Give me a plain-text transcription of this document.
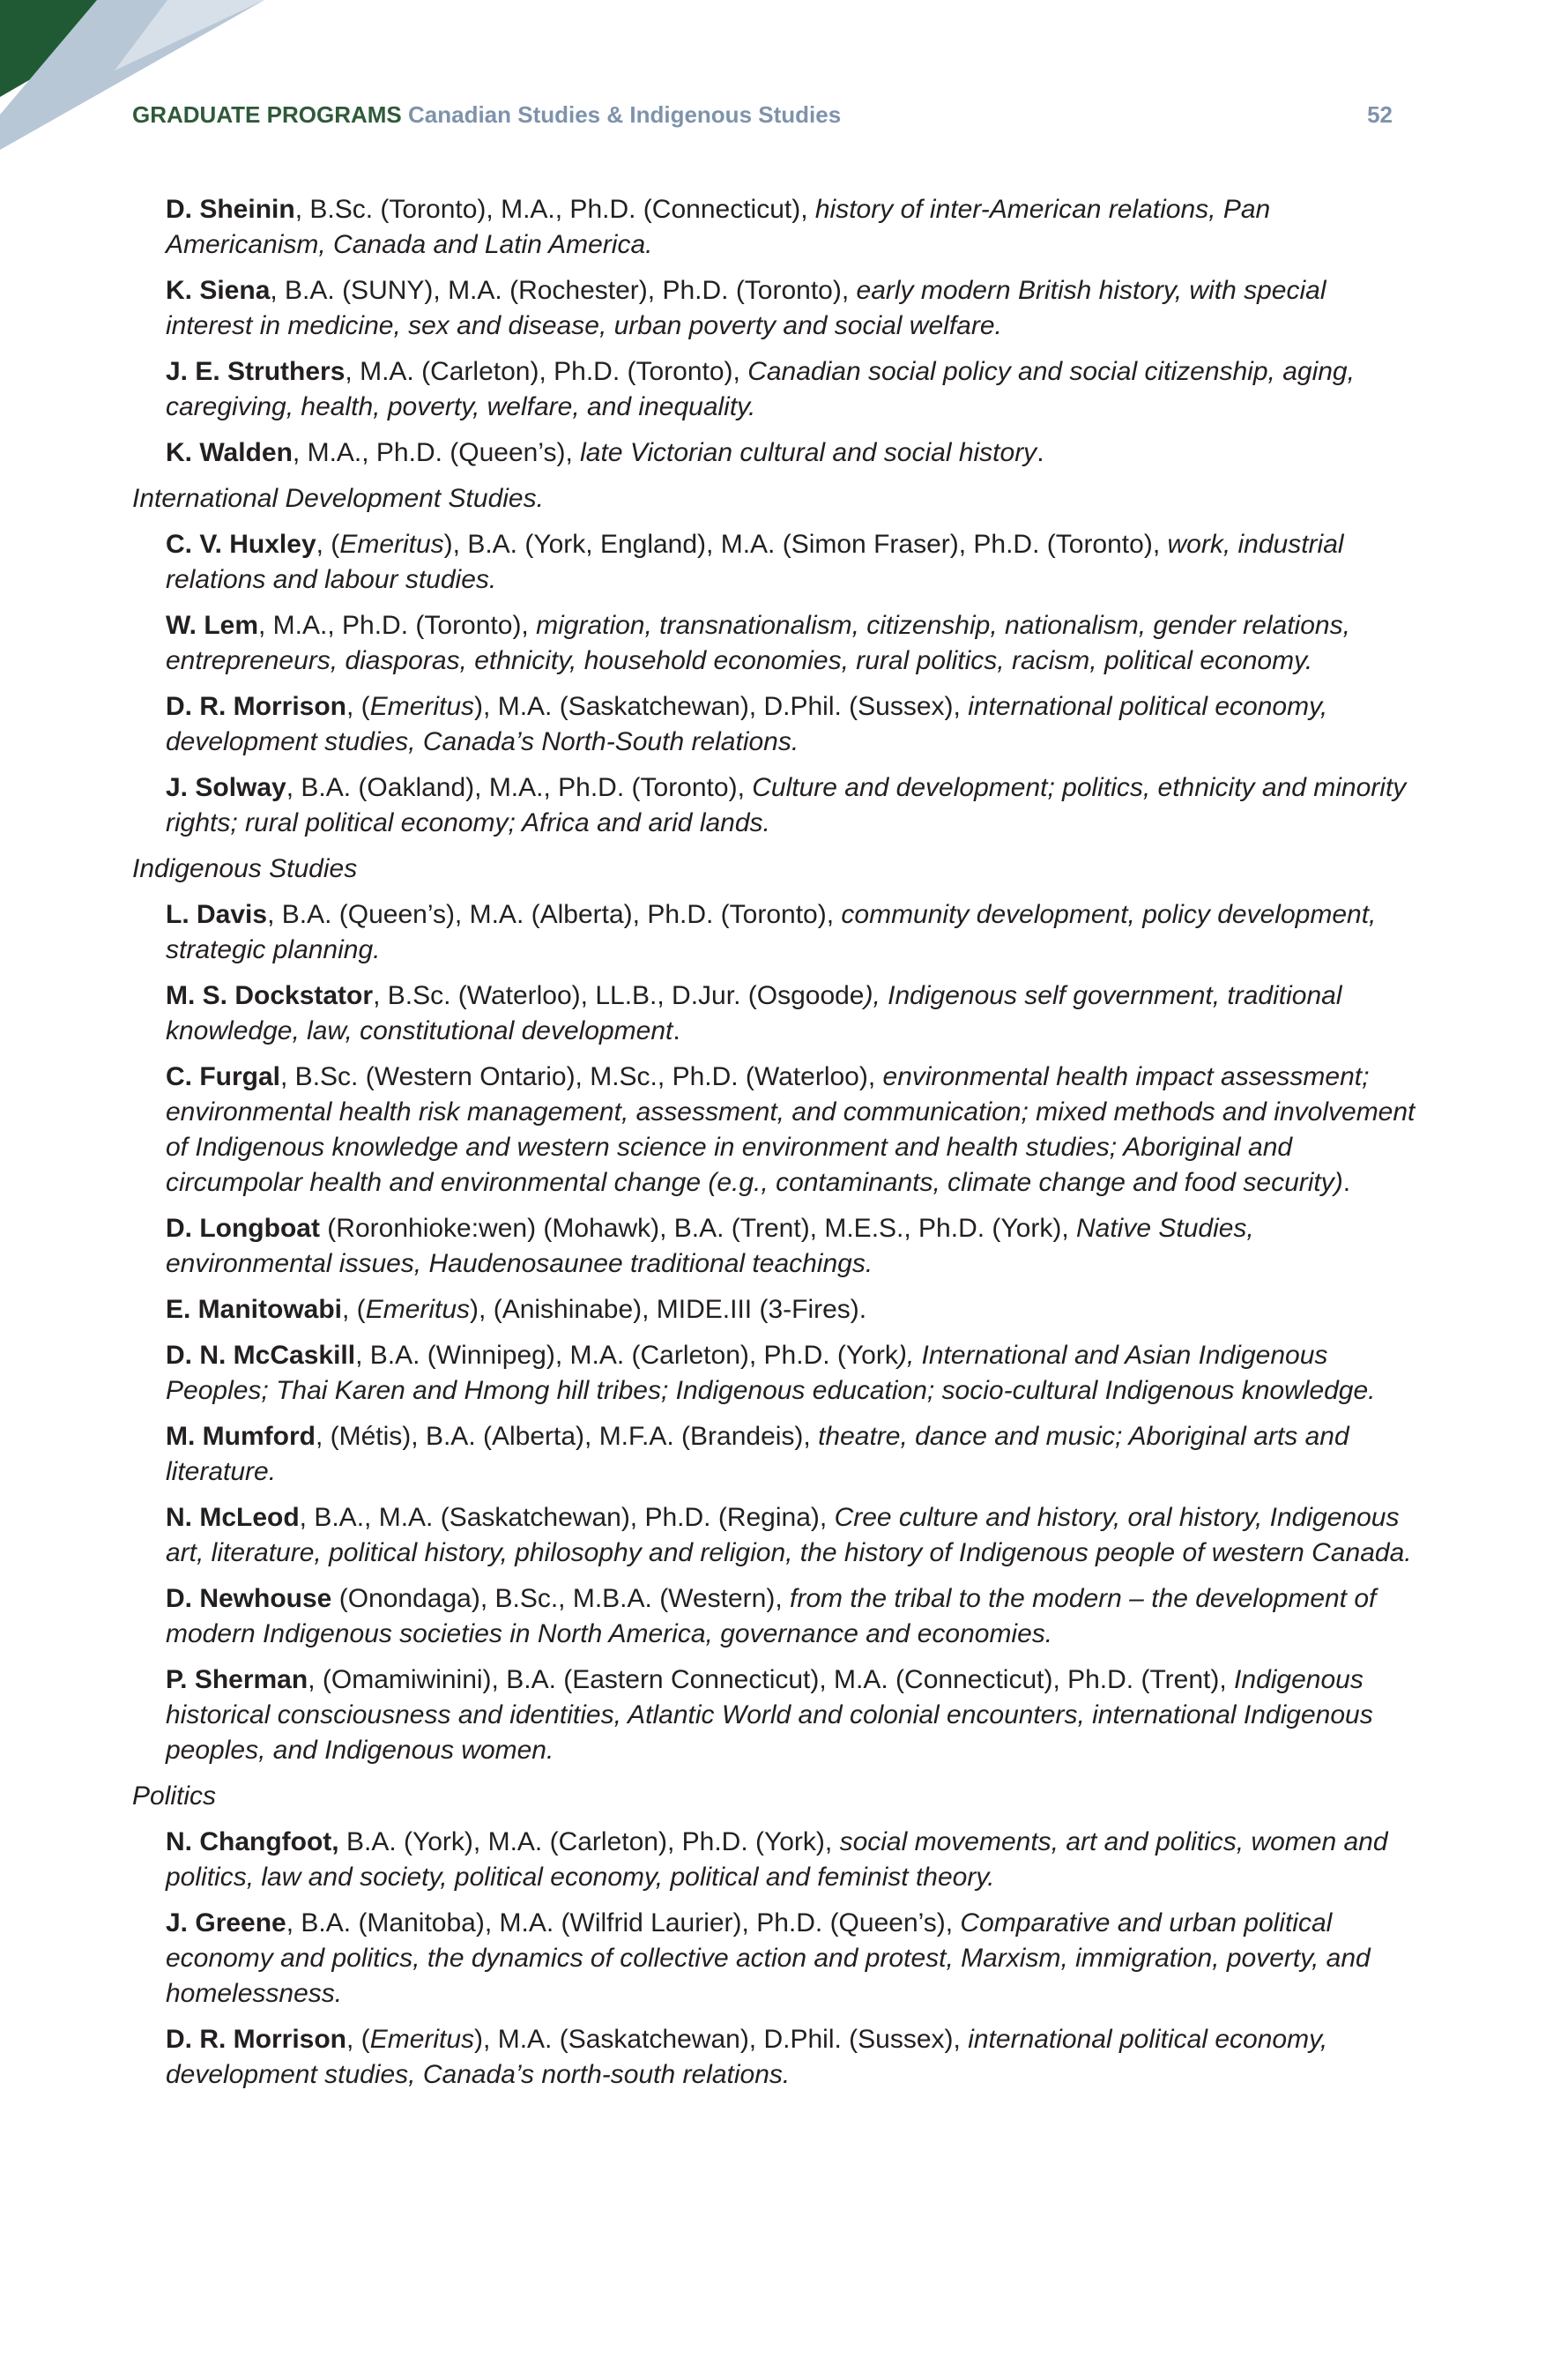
GRADUATE PROGRAMS Canadian Studies & Indigenous Studies	52

D. Sheinin, B.Sc. (Toronto), M.A., Ph.D. (Connecticut), history of inter-American relations, Pan Americanism, Canada and Latin America.

K. Siena, B.A. (SUNY), M.A. (Rochester), Ph.D. (Toronto), early modern British history, with special interest in medicine, sex and disease, urban poverty and social welfare.

J. E. Struthers, M.A. (Carleton), Ph.D. (Toronto), Canadian social policy and social citizenship, aging, caregiving, health, poverty, welfare, and inequality.

K. Walden, M.A., Ph.D. (Queen’s), late Victorian cultural and social history.

International Development Studies.

C. V. Huxley, (Emeritus), B.A. (York, England), M.A. (Simon Fraser), Ph.D. (Toronto), work, industrial relations and labour studies.

W. Lem, M.A., Ph.D. (Toronto), migration, transnationalism, citizenship, nationalism, gender relations, entrepreneurs, diasporas, ethnicity, household economies, rural politics, racism, political economy.

D. R. Morrison, (Emeritus), M.A. (Saskatchewan), D.Phil. (Sussex), international political economy, development studies, Canada’s North-South relations.

J. Solway, B.A. (Oakland), M.A., Ph.D. (Toronto), Culture and development; politics, ethnicity and minority rights; rural political economy; Africa and arid lands.

Indigenous Studies

L. Davis, B.A. (Queen’s), M.A. (Alberta), Ph.D. (Toronto), community development, policy development, strategic planning.

M. S. Dockstator, B.Sc. (Waterloo), LL.B., D.Jur. (Osgoode), Indigenous self government, traditional knowledge, law, constitutional development.

C. Furgal, B.Sc. (Western Ontario), M.Sc., Ph.D. (Waterloo), environmental health impact assessment; environmental health risk management, assessment, and communication; mixed methods and involvement of Indigenous knowledge and western science in environment and health studies; Aboriginal and circumpolar health and environmental change (e.g., contaminants, climate change and food security).

D. Longboat (Roronhioke:wen) (Mohawk), B.A. (Trent), M.E.S., Ph.D. (York), Native Studies, environmental issues, Haudenosaunee traditional teachings.

E. Manitowabi, (Emeritus), (Anishinabe), MIDE.III (3-Fires).

D. N. McCaskill, B.A. (Winnipeg), M.A. (Carleton), Ph.D. (York), International and Asian Indigenous Peoples; Thai Karen and Hmong hill tribes; Indigenous education; socio-cultural Indigenous knowledge.

M. Mumford, (Métis), B.A. (Alberta), M.F.A. (Brandeis), theatre, dance and music; Aboriginal arts and literature.

N. McLeod, B.A., M.A. (Saskatchewan), Ph.D. (Regina), Cree culture and history, oral history, Indigenous art, literature, political history, philosophy and religion, the history of Indigenous people of western Canada.

D. Newhouse (Onondaga), B.Sc., M.B.A. (Western), from the tribal to the modern – the development of modern Indigenous societies in North America, governance and economies.

P. Sherman, (Omamiwinini), B.A. (Eastern Connecticut), M.A. (Connecticut), Ph.D. (Trent), Indigenous historical consciousness and identities, Atlantic World and colonial encounters, international Indigenous peoples, and Indigenous women.

Politics

N. Changfoot, B.A. (York), M.A. (Carleton), Ph.D. (York), social movements, art and politics, women and politics, law and society, political economy, political and feminist theory.

J. Greene, B.A. (Manitoba), M.A. (Wilfrid Laurier), Ph.D. (Queen’s), Comparative and urban political economy and politics, the dynamics of collective action and protest, Marxism, immigration, poverty, and homelessness.

D. R. Morrison, (Emeritus), M.A. (Saskatchewan), D.Phil. (Sussex), international political economy, development studies, Canada’s north-south relations.
